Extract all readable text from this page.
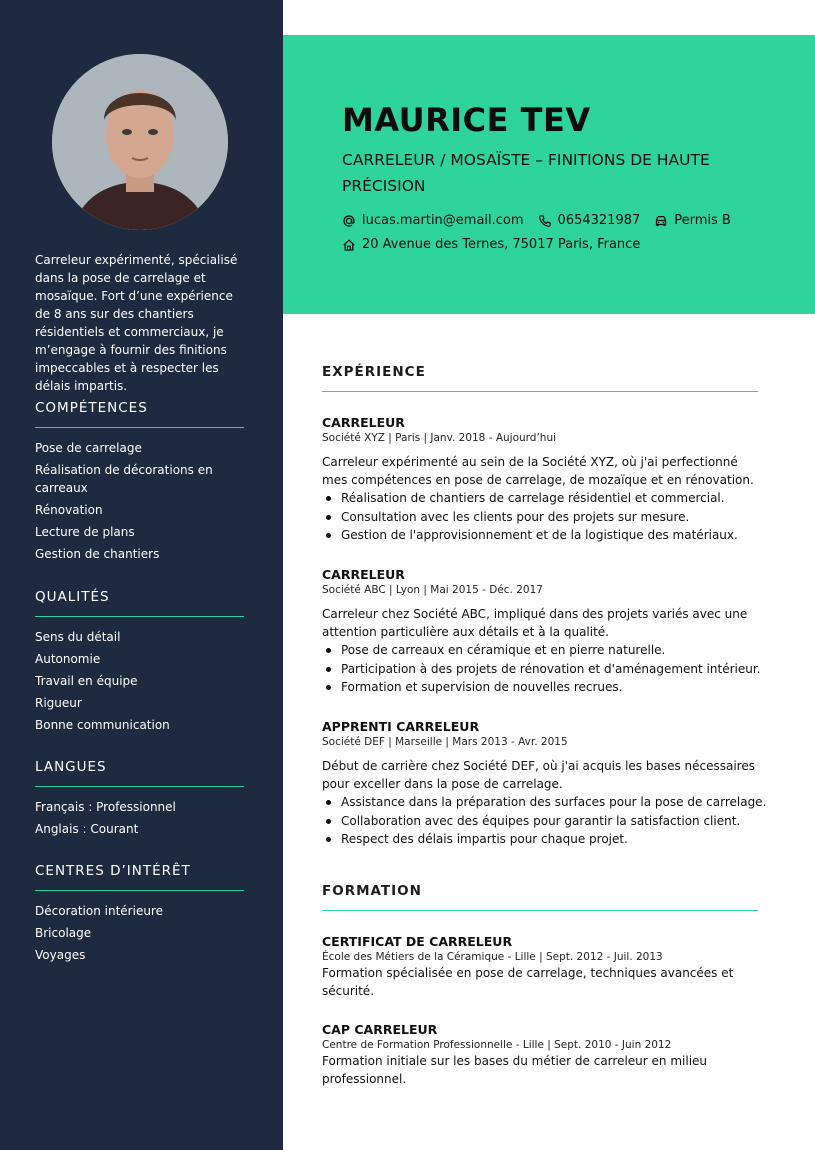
Carreleur expérimenté, spécialisé dans la pose de carrelage et mosaïque. Fort d’une expérience de 8 ans sur des chantiers résidentiels et commerciaux, je m’engage à fournir des finitions impeccables et à respecter les délais impartis.

COMPÉTENCES
Pose de carrelage
Réalisation de décorations en carreaux
Rénovation
Lecture de plans
Gestion de chantiers
QUALITÉS
Sens du détail
Autonomie
Travail en équipe
Rigueur
Bonne communication
LANGUES
Français : Professionnel
Anglais : Courant
CENTRES D’INTÉRÊT
Décoration intérieure
Bricolage
Voyages
MAURICE TEV

CARRELEUR / MOSAÏSTE – FINITIONS DE HAUTE PRÉCISION

lucas.martin@email.com	0654321987	Permis B
20 Avenue des Ternes, 75017 Paris, France
EXPÉRIENCE
CARRELEUR
Société XYZ | Paris | Janv. 2018 - Aujourd’hui

Carreleur expérimenté au sein de la Société XYZ, où j'ai perfectionné mes compétences en pose de carrelage, de mozaïque et en rénovation.

Réalisation de chantiers de carrelage résidentiel et commercial.
Consultation avec les clients pour des projets sur mesure.
Gestion de l'approvisionnement et de la logistique des matériaux.
CARRELEUR
Société ABC | Lyon | Mai 2015 - Déc. 2017

Carreleur chez Société ABC, impliqué dans des projets variés avec une attention particulière aux détails et à la qualité.

Pose de carreaux en céramique et en pierre naturelle.
Participation à des projets de rénovation et d'aménagement intérieur.
Formation et supervision de nouvelles recrues.
APPRENTI CARRELEUR
Société DEF | Marseille | Mars 2013 - Avr. 2015

Début de carrière chez Société DEF, où j'ai acquis les bases nécessaires pour exceller dans la pose de carrelage.

Assistance dans la préparation des surfaces pour la pose de carrelage.
Collaboration avec des équipes pour garantir la satisfaction client.
Respect des délais impartis pour chaque projet.
FORMATION
CERTIFICAT DE CARRELEUR
École des Métiers de la Céramique - Lille | Sept. 2012 - Juil. 2013

Formation spécialisée en pose de carrelage, techniques avancées et sécurité.

CAP CARRELEUR
Centre de Formation Professionnelle - Lille | Sept. 2010 - Juin 2012

Formation initiale sur les bases du métier de carreleur en milieu professionnel.
